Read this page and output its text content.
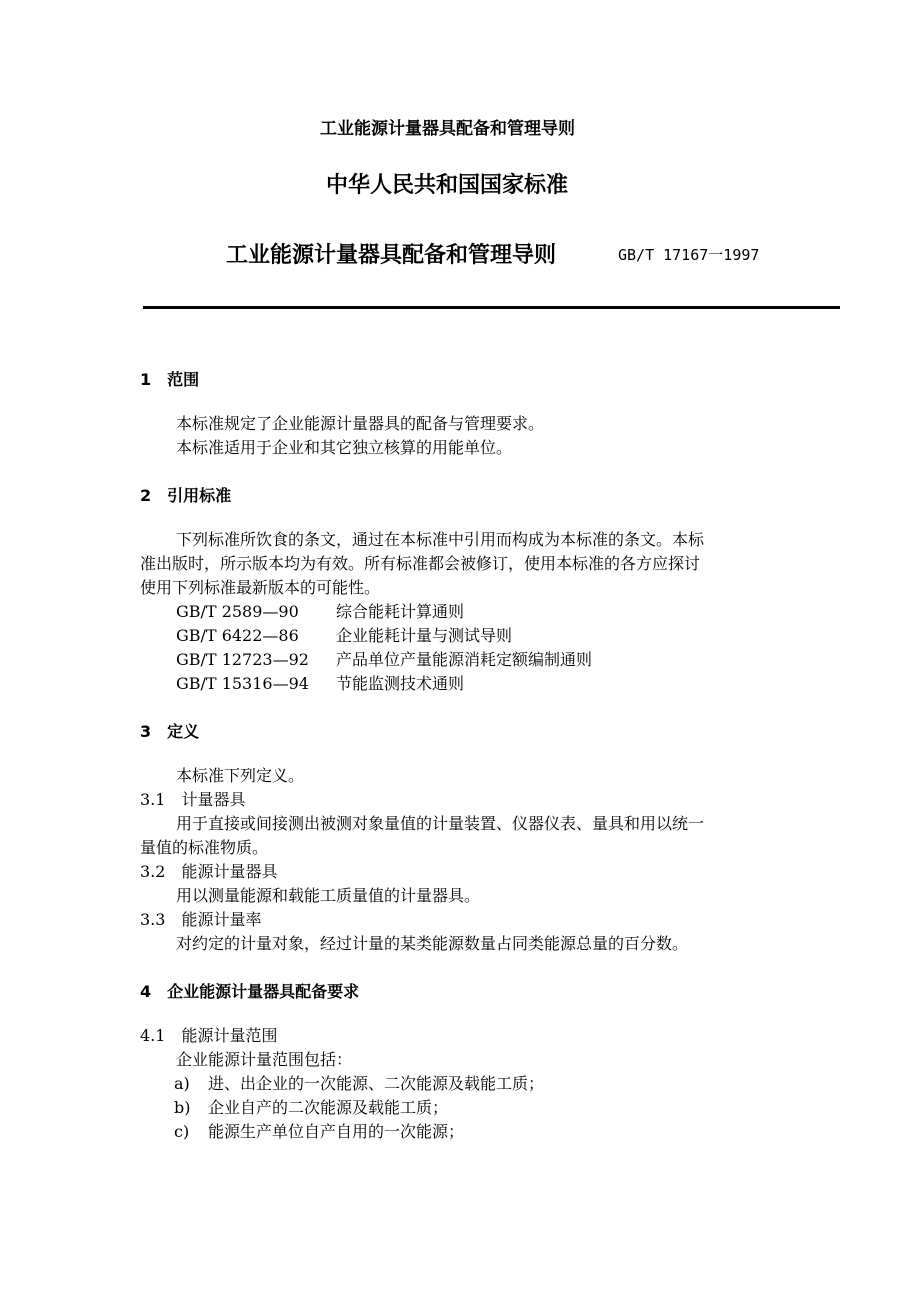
工业能源计量器具配备和管理导则
中华人民共和国国家标准
工业能源计量器具配备和管理导则	GB/T 17167一1997
1　范围
本标准规定了企业能源计量器具的配备与管理要求。
本标准适用于企业和其它独立核算的用能单位。
2　引用标准
下列标准所饮食的条文，通过在本标准中引用而构成为本标准的条文。本标
准出版时，所示版本均为有效。所有标准都会被修订，使用本标准的各方应探讨
使用下列标准最新版本的可能性。
GB/T 2589—90 综合能耗计算通则
GB/T 6422—86 企业能耗计量与测试导则
GB/T 12723—92 产品单位产量能源消耗定额编制通则
GB/T 15316—94 节能监测技术通则
3　定义
本标准下列定义。
3.1　计量器具
用于直接或间接测出被测对象量值的计量装置、仪器仪表、量具和用以统一
量值的标准物质。
3.2　能源计量器具
用以测量能源和载能工质量值的计量器具。
3.3　能源计量率
对约定的计量对象，经过计量的某类能源数量占同类能源总量的百分数。
4　企业能源计量器具配备要求
4.1　能源计量范围
企业能源计量范围包括：
a) 进、出企业的一次能源、二次能源及载能工质；
b) 企业自产的二次能源及载能工质；
c) 能源生产单位自产自用的一次能源；
